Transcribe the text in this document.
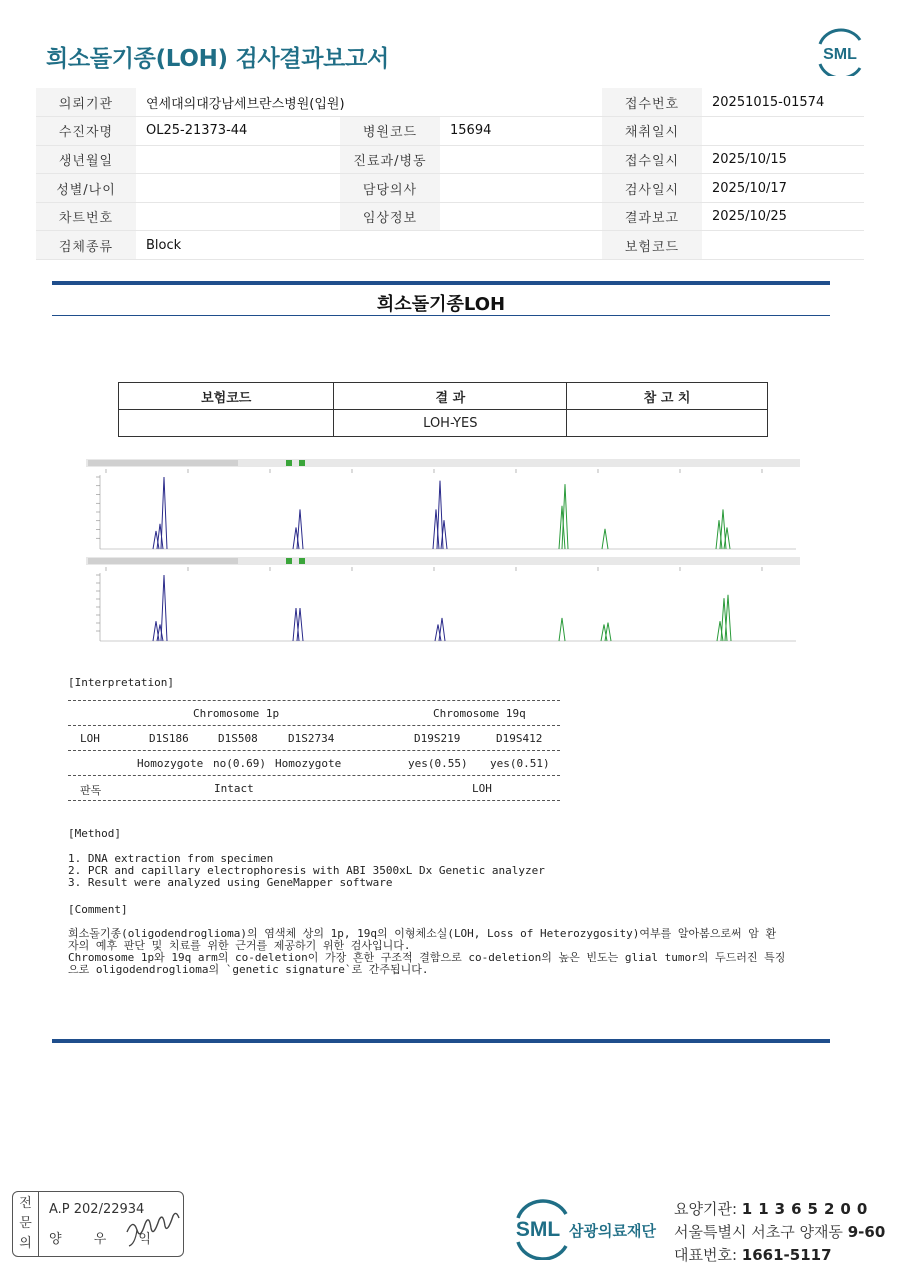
희소돌기종(LOH) 검사결과보고서	SML
의뢰기관	연세대의대강남세브란스병원(입원)			접수번호	20251015-01574
수진자명	OL25-21373-44	병원코드	15694	채취일시	
생년월일		진료과/병동		접수일시	2025/10/15
성별/나이		담당의사		검사일시	2025/10/17
차트번호		임상정보		결과보고	2025/10/25
검체종류	Block			보험코드	
희소돌기종LOH
보험코드	결 과	참 고 치
	LOH-YES	
[Interpretation]
Chromosome 1p	Chromosome 19q
LOH	D1S186	D1S508	D1S2734	D19S219	D19S412
Homozygote no(0.69) Homozygote	yes(0.55) yes(0.51)
판독	Intact	LOH
[Method]
1. DNA extraction from specimen
2. PCR and capillary electrophoresis with ABI 3500xL Dx Genetic analyzer
3. Result were analyzed using GeneMapper software
[Comment]

희소돌기종(oligodendroglioma)의 염색체 상의 1p, 19q의 이형체소실(LOH, Loss of Heterozygosity)여부를 알아봄으로써 암 환

자의 예후 판단 및 치료를 위한 근거를 제공하기 위한 검사입니다.

Chromosome 1p와 19q arm의 co-deletion이 가장 흔한 구조적 결함으로 co-deletion의 높은 빈도는 glial tumor의 두드러진 특징

으로 oligodendroglioma의 `genetic signature`로 간주됩니다.

전
문
의
A.P 202/22934
양 우 익	SML 삼광의료재단
요양기관: 11365200
서울특별시 서초구 양재동 9-60
대표번호: 1661-5117
